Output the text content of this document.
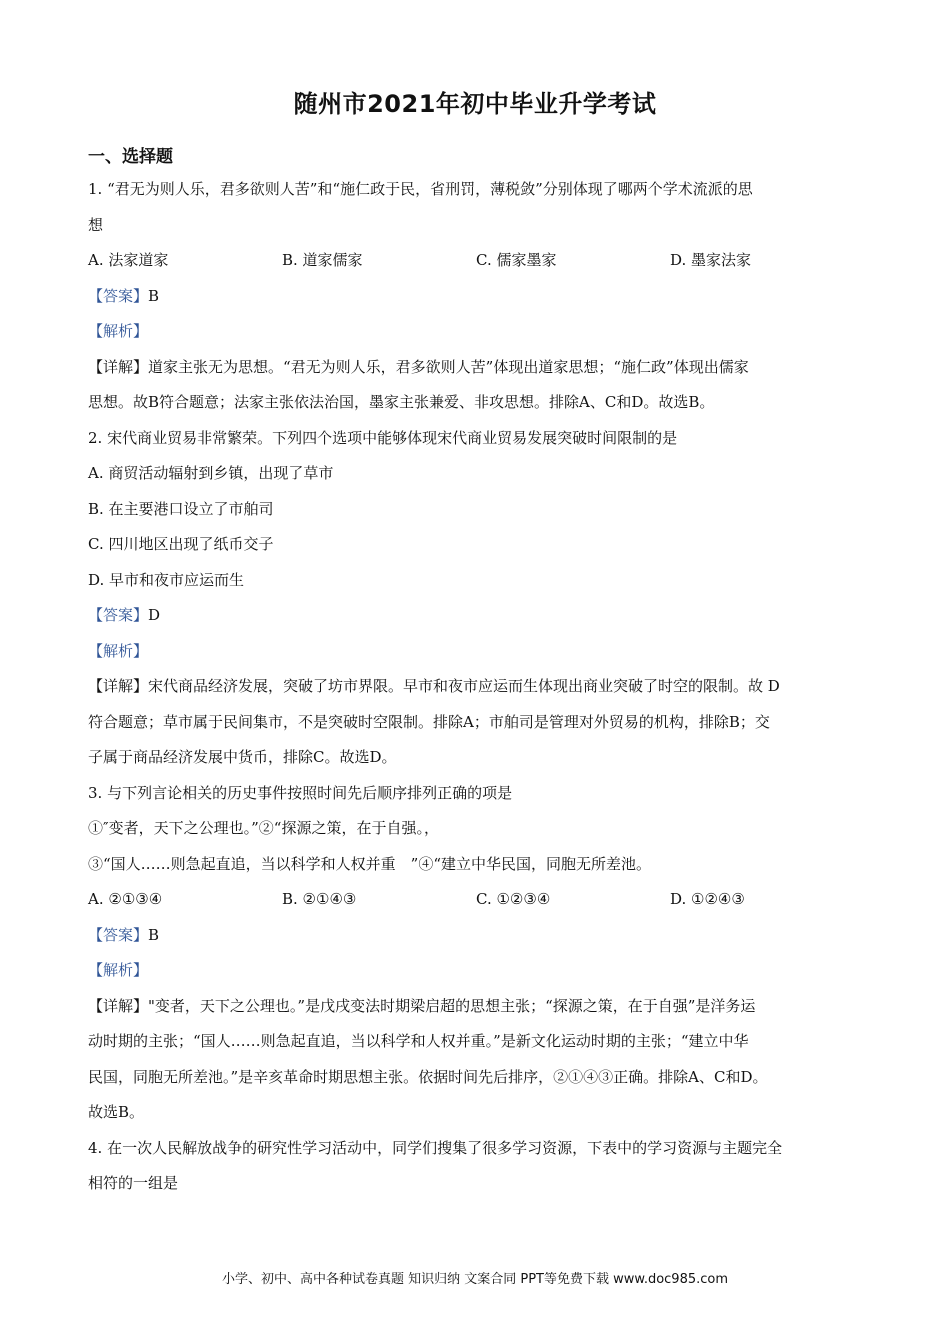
随州市2021年初中毕业升学考试
一、选择题

1. “君无为则人乐，君多欲则人苦”和“施仁政于民，省刑罚，薄税敛”分别体现了哪两个学术流派的思

想

A. 法家道家	B. 道家儒家	C. 儒家墨家	D. 墨家法家

【答案】B

【解析】

【详解】道家主张无为思想。“君无为则人乐，君多欲则人苦”体现出道家思想；“施仁政”体现出儒家

思想。故B符合题意；法家主张依法治国，墨家主张兼爱、非攻思想。排除A、C和D。故选B。

2. 宋代商业贸易非常繁荣。下列四个选项中能够体现宋代商业贸易发展突破时间限制的是

A. 商贸活动辐射到乡镇，出现了草市

B. 在主要港口设立了市舶司

C. 四川地区出现了纸币交子

D. 早市和夜市应运而生

【答案】D

【解析】

【详解】宋代商品经济发展，突破了坊市界限。早市和夜市应运而生体现出商业突破了时空的限制。故 D

符合题意；草市属于民间集市，不是突破时空限制。排除A；市舶司是管理对外贸易的机构，排除B；交

子属于商品经济发展中货币，排除C。故选D。

3. 与下列言论相关的历史事件按照时间先后顺序排列正确的项是

①″变者，天下之公理也。”②“探源之策，在于自强。，

③“国人……则急起直追，当以科学和人权并重　”④“建立中华民国，同胞无所差池。

A. ②①③④	B. ②①④③	C. ①②③④	D. ①②④③

【答案】B

【解析】

【详解】"变者，天下之公理也。”是戊戌变法时期梁启超的思想主张；“探源之策，在于自强”是洋务运

动时期的主张；“国人……则急起直追，当以科学和人权并重。”是新文化运动时期的主张；“建立中华

民国，同胞无所差池。”是辛亥革命时期思想主张。依据时间先后排序，②①④③正确。排除A、C和D。

故选B。

4. 在一次人民解放战争的研究性学习活动中，同学们搜集了很多学习资源，下表中的学习资源与主题完全

相符的一组是

小学、初中、高中各种试卷真题 知识归纳 文案合同 PPT等免费下载 www.doc985.com
